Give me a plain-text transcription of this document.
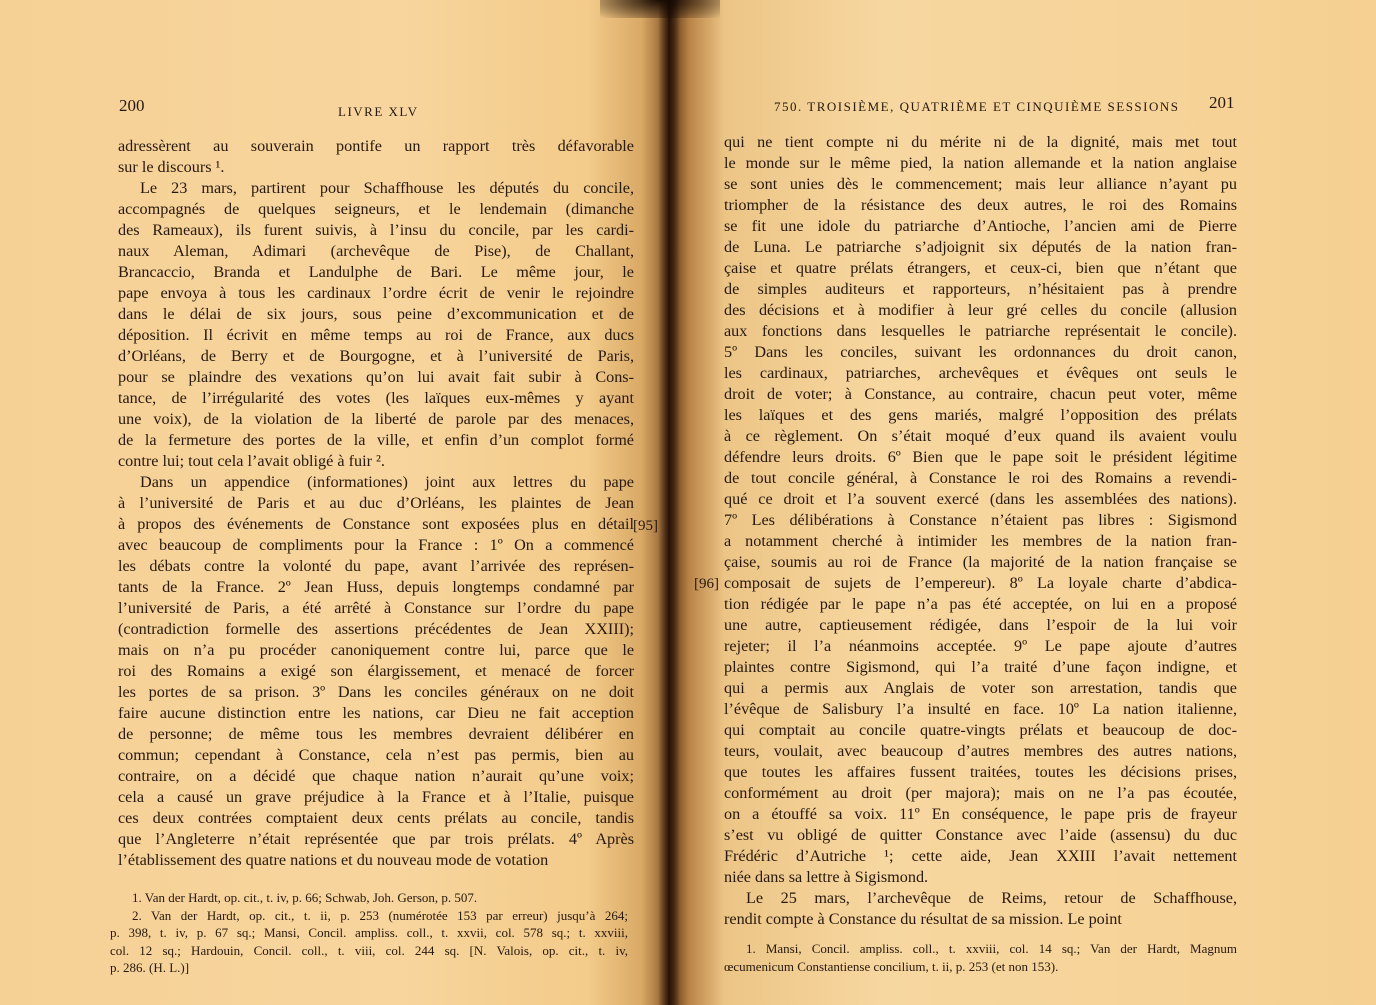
200	LIVRE XLV
[95]
adressèrent au souverain pontife un rapport très défavorable
sur le discours ¹.
Le 23 mars, partirent pour Schaffhouse les députés du concile,
accompagnés de quelques seigneurs, et le lendemain (dimanche
des Rameaux), ils furent suivis, à l’insu du concile, par les cardi-
naux Aleman, Adimari (archevêque de Pise), de Challant,
Brancaccio, Branda et Landulphe de Bari. Le même jour, le
pape envoya à tous les cardinaux l’ordre écrit de venir le rejoindre
dans le délai de six jours, sous peine d’excommunication et de
déposition. Il écrivit en même temps au roi de France, aux ducs
d’Orléans, de Berry et de Bourgogne, et à l’université de Paris,
pour se plaindre des vexations qu’on lui avait fait subir à Cons-
tance, de l’irrégularité des votes (les laïques eux-mêmes y ayant
une voix), de la violation de la liberté de parole par des menaces,
de la fermeture des portes de la ville, et enfin d’un complot formé
contre lui; tout cela l’avait obligé à fuir ².
Dans un appendice (informationes) joint aux lettres du pape
à l’université de Paris et au duc d’Orléans, les plaintes de Jean
à propos des événements de Constance sont exposées plus en détail
avec beaucoup de compliments pour la France : 1º On a commencé
les débats contre la volonté du pape, avant l’arrivée des représen-
tants de la France. 2º Jean Huss, depuis longtemps condamné par
l’université de Paris, a été arrêté à Constance sur l’ordre du pape
(contradiction formelle des assertions précédentes de Jean XXIII);
mais on n’a pu procéder canoniquement contre lui, parce que le
roi des Romains a exigé son élargissement, et menacé de forcer
les portes de sa prison. 3º Dans les conciles généraux on ne doit
faire aucune distinction entre les nations, car Dieu ne fait acception
de personne; de même tous les membres devraient délibérer en
commun; cependant à Constance, cela n’est pas permis, bien au
contraire, on a décidé que chaque nation n’aurait qu’une voix;
cela a causé un grave préjudice à la France et à l’Italie, puisque
ces deux contrées comptaient deux cents prélats au concile, tandis
que l’Angleterre n’était représentée que par trois prélats. 4º Après
l’établissement des quatre nations et du nouveau mode de votation
1. Van der Hardt, op. cit., t. iv, p. 66; Schwab, Joh. Gerson, p. 507.
2. Van der Hardt, op. cit., t. ii, p. 253 (numérotée 153 par erreur) jusqu’à 264;
p. 398, t. iv, p. 67 sq.; Mansi, Concil. ampliss. coll., t. xxvii, col. 578 sq.; t. xxviii,
col. 12 sq.; Hardouin, Concil. coll., t. viii, col. 244 sq. [N. Valois, op. cit., t. iv,
p. 286. (H. L.)]
750. TROISIÈME, QUATRIÈME ET CINQUIÈME SESSIONS 201
[96]
qui ne tient compte ni du mérite ni de la dignité, mais met tout
le monde sur le même pied, la nation allemande et la nation anglaise
se sont unies dès le commencement; mais leur alliance n’ayant pu
triompher de la résistance des deux autres, le roi des Romains
se fit une idole du patriarche d’Antioche, l’ancien ami de Pierre
de Luna. Le patriarche s’adjoignit six députés de la nation fran-
çaise et quatre prélats étrangers, et ceux-ci, bien que n’étant que
de simples auditeurs et rapporteurs, n’hésitaient pas à prendre
des décisions et à modifier à leur gré celles du concile (allusion
aux fonctions dans lesquelles le patriarche représentait le concile).
5º Dans les conciles, suivant les ordonnances du droit canon,
les cardinaux, patriarches, archevêques et évêques ont seuls le
droit de voter; à Constance, au contraire, chacun peut voter, même
les laïques et des gens mariés, malgré l’opposition des prélats
à ce règlement. On s’était moqué d’eux quand ils avaient voulu
défendre leurs droits. 6º Bien que le pape soit le président légitime
de tout concile général, à Constance le roi des Romains a revendi-
qué ce droit et l’a souvent exercé (dans les assemblées des nations).
7º Les délibérations à Constance n’étaient pas libres : Sigismond
a notamment cherché à intimider les membres de la nation fran-
çaise, soumis au roi de France (la majorité de la nation française se
composait de sujets de l’empereur). 8º La loyale charte d’abdica-
tion rédigée par le pape n’a pas été acceptée, on lui en a proposé
une autre, captieusement rédigée, dans l’espoir de la lui voir
rejeter; il l’a néanmoins acceptée. 9º Le pape ajoute d’autres
plaintes contre Sigismond, qui l’a traité d’une façon indigne, et
qui a permis aux Anglais de voter son arrestation, tandis que
l’évêque de Salisbury l’a insulté en face. 10º La nation italienne,
qui comptait au concile quatre-vingts prélats et beaucoup de doc-
teurs, voulait, avec beaucoup d’autres membres des autres nations,
que toutes les affaires fussent traitées, toutes les décisions prises,
conformément au droit (per majora); mais on ne l’a pas écoutée,
on a étouffé sa voix. 11º En conséquence, le pape pris de frayeur
s’est vu obligé de quitter Constance avec l’aide (assensu) du duc
Frédéric d’Autriche ¹; cette aide, Jean XXIII l’avait nettement
niée dans sa lettre à Sigismond.
Le 25 mars, l’archevêque de Reims, retour de Schaffhouse,
rendit compte à Constance du résultat de sa mission. Le point
1. Mansi, Concil. ampliss. coll., t. xxviii, col. 14 sq.; Van der Hardt, Magnum
œcumenicum Constantiense concilium, t. ii, p. 253 (et non 153).
